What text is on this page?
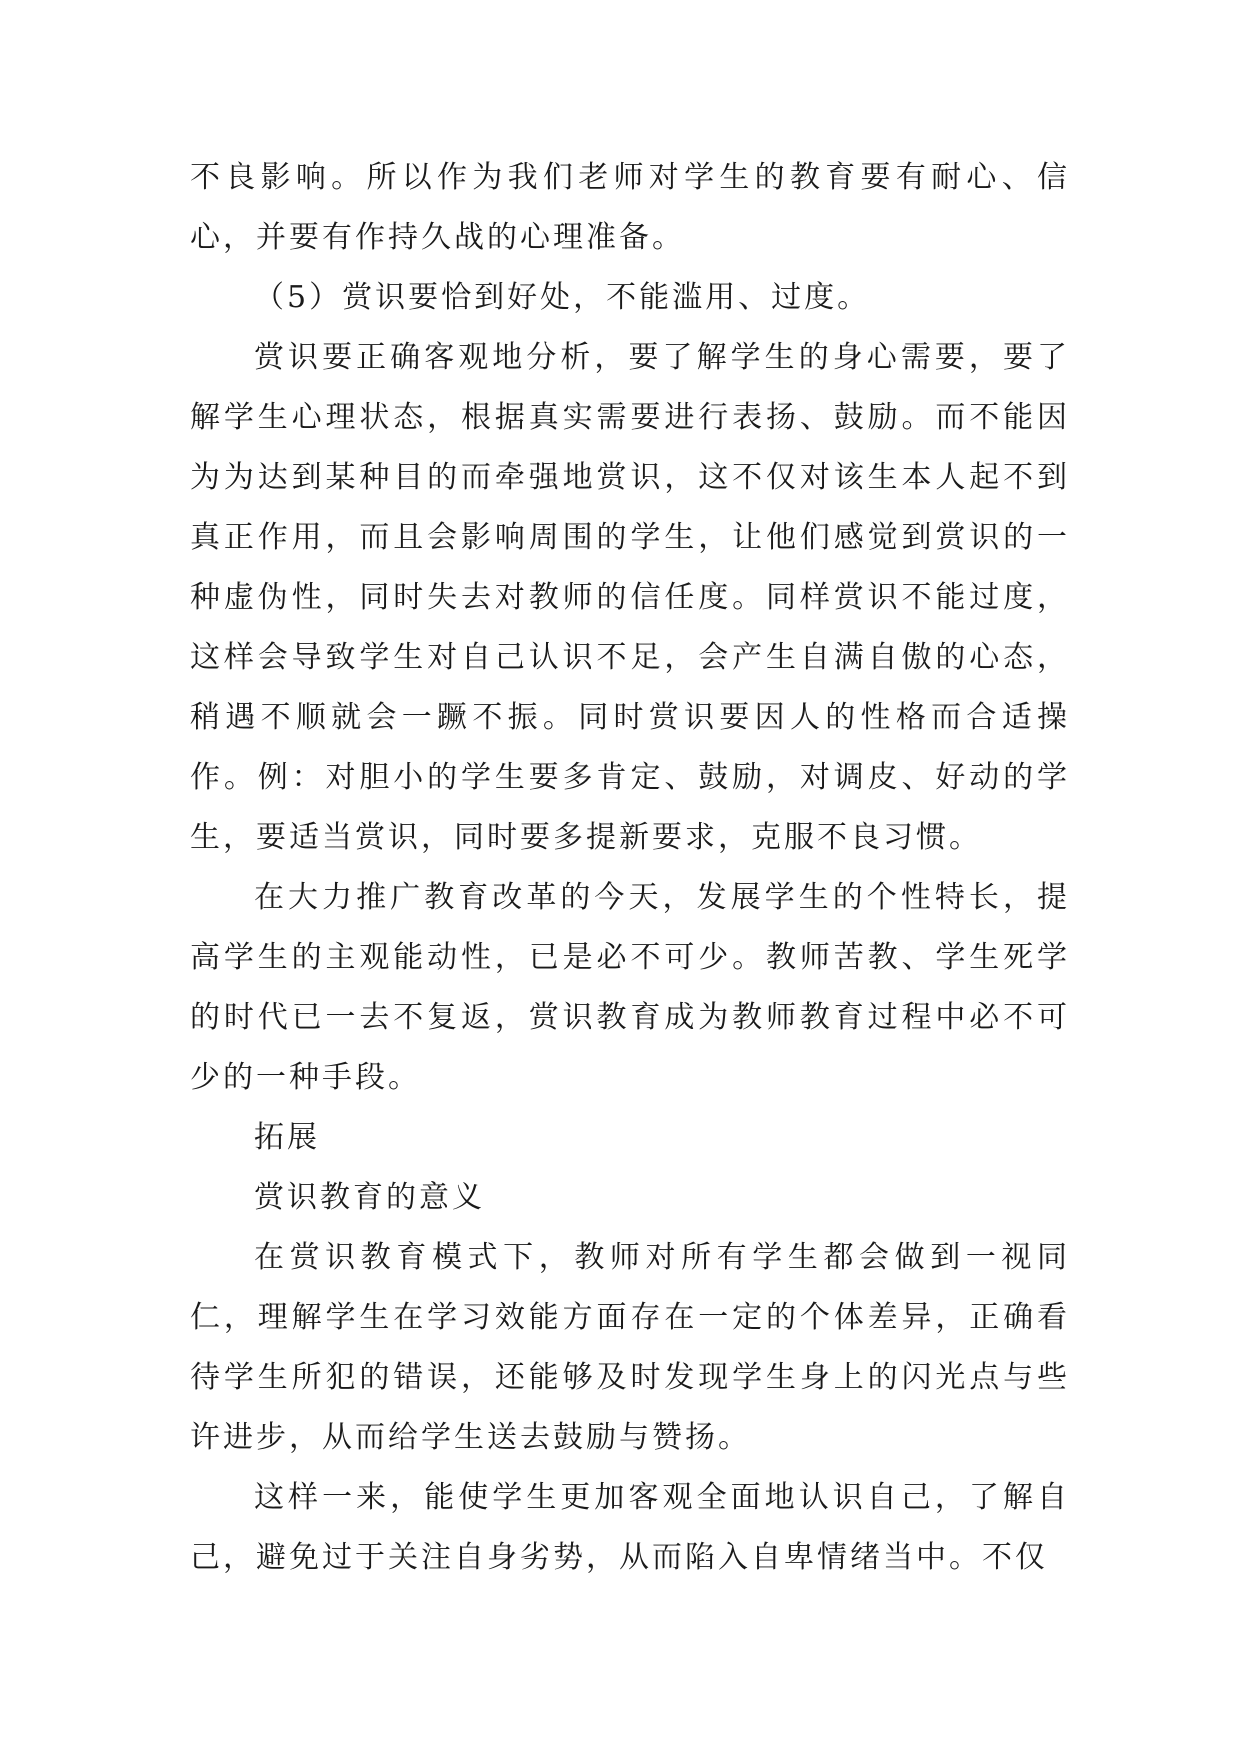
不良影响。所以作为我们老师对学生的教育要有耐心、信心，并要有作持久战的心理准备。

（5）赏识要恰到好处，不能滥用、过度。

赏识要正确客观地分析，要了解学生的身心需要，要了解学生心理状态，根据真实需要进行表扬、鼓励。而不能因为为达到某种目的而牵强地赏识，这不仅对该生本人起不到真正作用，而且会影响周围的学生，让他们感觉到赏识的一种虚伪性，同时失去对教师的信任度。同样赏识不能过度，这样会导致学生对自己认识不足，会产生自满自傲的心态，稍遇不顺就会一蹶不振。同时赏识要因人的性格而合适操作。例：对胆小的学生要多肯定、鼓励，对调皮、好动的学生，要适当赏识，同时要多提新要求，克服不良习惯。

在大力推广教育改革的今天，发展学生的个性特长，提高学生的主观能动性，已是必不可少。教师苦教、学生死学的时代已一去不复返，赏识教育成为教师教育过程中必不可少的一种手段。

拓展

赏识教育的意义

在赏识教育模式下，教师对所有学生都会做到一视同仁，理解学生在学习效能方面存在一定的个体差异，正确看待学生所犯的错误，还能够及时发现学生身上的闪光点与些许进步，从而给学生送去鼓励与赞扬。

这样一来，能使学生更加客观全面地认识自己，了解自己，避免过于关注自身劣势，从而陷入自卑情绪当中。不仅
